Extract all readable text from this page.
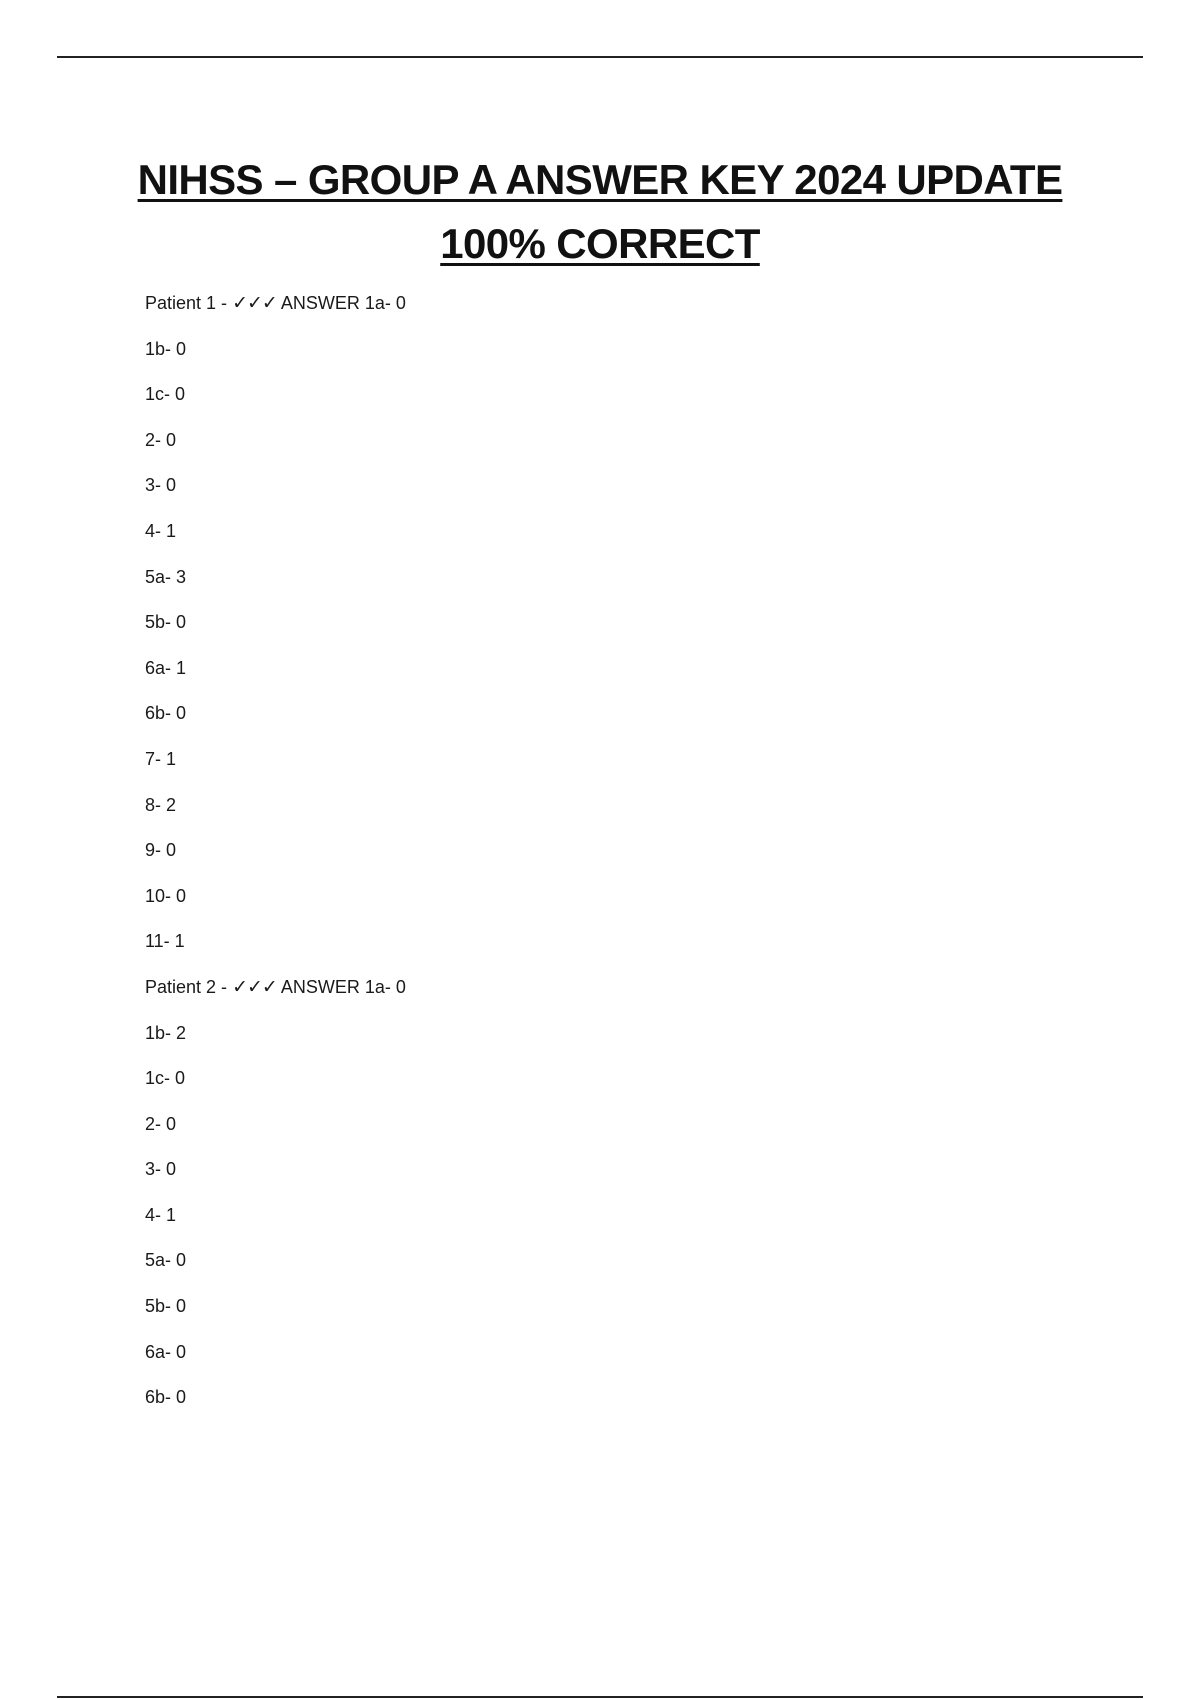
NIHSS – GROUP A ANSWER KEY 2024 UPDATE
100% CORRECT
Patient 1 - ✓✓✓ ANSWER 1a- 0
1b- 0
1c- 0
2- 0
3- 0
4- 1
5a- 3
5b- 0
6a- 1
6b- 0
7- 1
8- 2
9- 0
10- 0
11- 1
Patient 2 - ✓✓✓ ANSWER 1a- 0
1b- 2
1c- 0
2- 0
3- 0
4- 1
5a- 0
5b- 0
6a- 0
6b- 0
